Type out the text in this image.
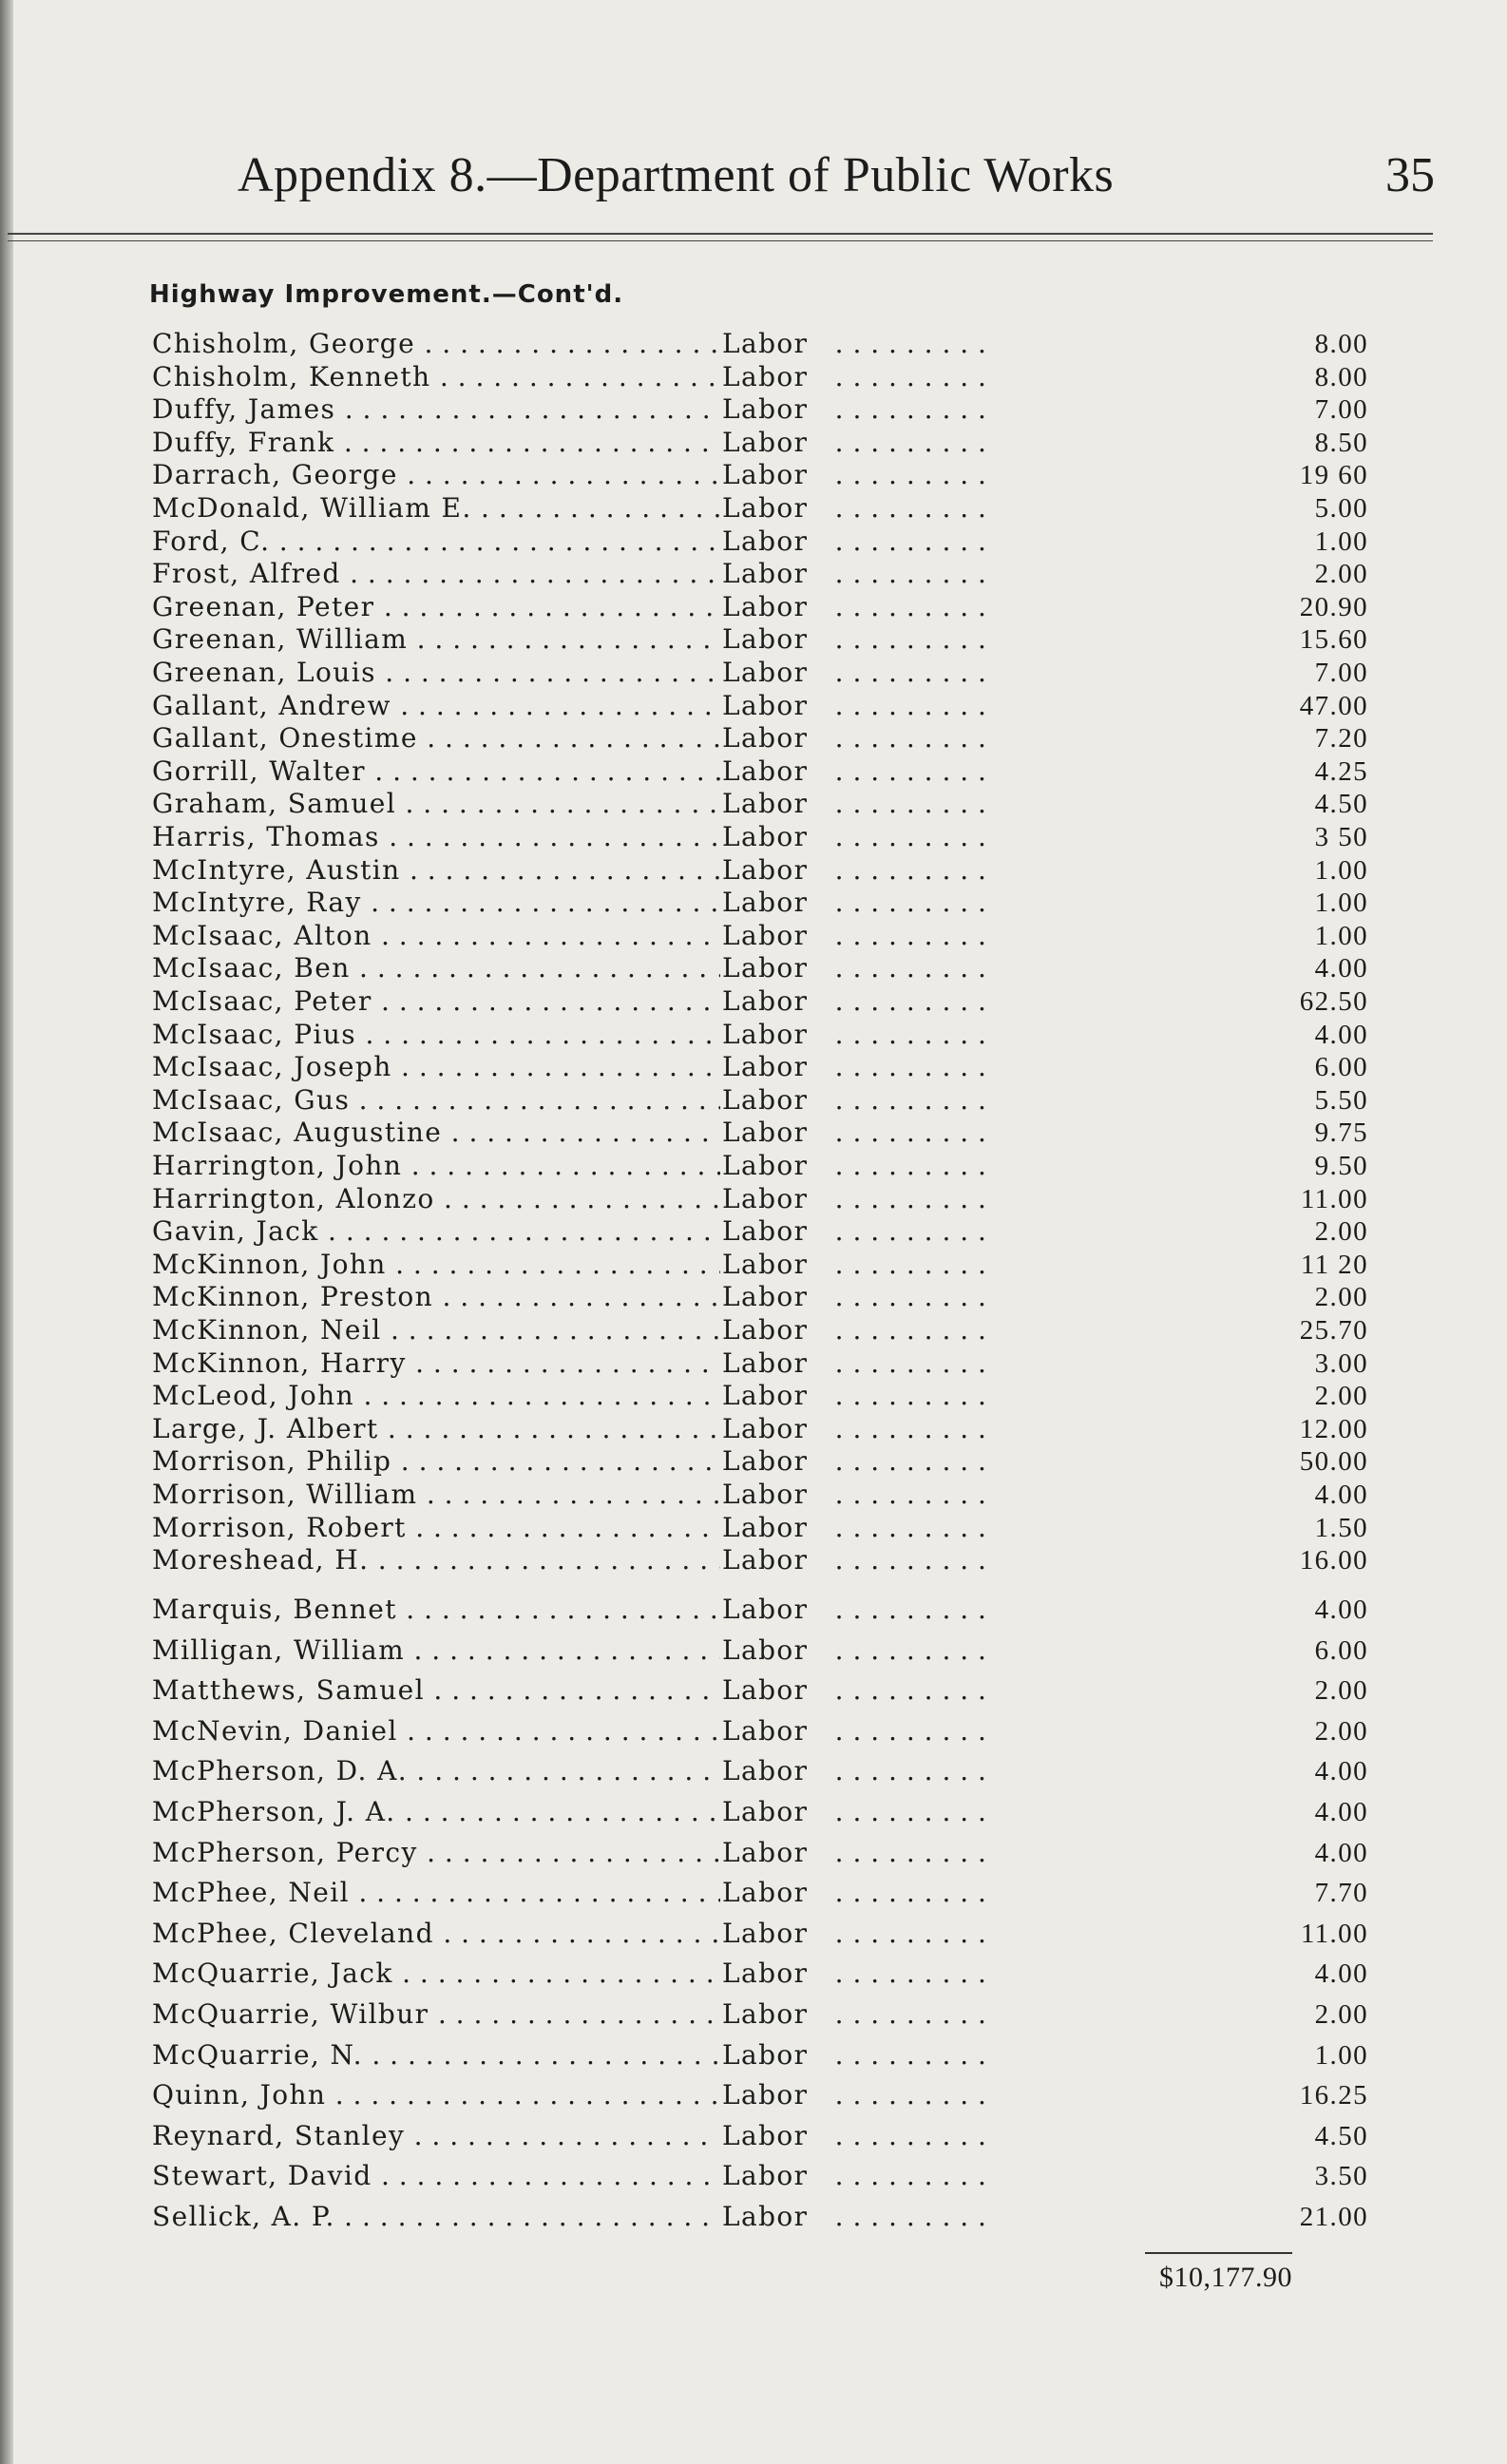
Appendix 8.—Department of Public Works	35
Highway Improvement.—Cont'd.
Chisholm, George . . .	Labor . . .	8.00
Chisholm, Kenneth . . .	Labor . . .	8.00
Duffy, James . . .	Labor . . .	7.00
Duffy, Frank . . .	Labor . . .	8.50
Darrach, George . . .	Labor . . .	19 60
McDonald, William E. . . .	Labor . . .	5.00
Ford, C. . . .	Labor . . .	1.00
Frost, Alfred . . .	Labor . . .	2.00
Greenan, Peter . . .	Labor . . .	20.90
Greenan, William . . .	Labor . . .	15.60
Greenan, Louis . . .	Labor . . .	7.00
Gallant, Andrew . . .	Labor . . .	47.00
Gallant, Onestime . . .	Labor . . .	7.20
Gorrill, Walter . . .	Labor . . .	4.25
Graham, Samuel . . .	Labor . . .	4.50
Harris, Thomas . . .	Labor . . .	3 50
McIntyre, Austin . . .	Labor . . .	1.00
McIntyre, Ray . . .	Labor . . .	1.00
McIsaac, Alton . . .	Labor . . .	1.00
McIsaac, Ben . . .	Labor . . .	4.00
McIsaac, Peter . . .	Labor . . .	62.50
McIsaac, Pius . . .	Labor . . .	4.00
McIsaac, Joseph . . .	Labor . . .	6.00
McIsaac, Gus . . .	Labor . . .	5.50
McIsaac, Augustine . . .	Labor . . .	9.75
Harrington, John . . .	Labor . . .	9.50
Harrington, Alonzo . . .	Labor . . .	11.00
Gavin, Jack . . .	Labor . . .	2.00
McKinnon, John . . .	Labor . . .	11 20
McKinnon, Preston . . .	Labor . . .	2.00
McKinnon, Neil . . .	Labor . . .	25.70
McKinnon, Harry . . .	Labor . . .	3.00
McLeod, John . . .	Labor . . .	2.00
Large, J. Albert . . .	Labor . . .	12.00
Morrison, Philip . . .	Labor . . .	50.00
Morrison, William . . .	Labor . . .	4.00
Morrison, Robert . . .	Labor . . .	1.50
Moreshead, H. . . .	Labor . . .	16.00
Marquis, Bennet . . .	Labor . . .	4.00
Milligan, William . . .	Labor . . .	6.00
Matthews, Samuel . . .	Labor . . .	2.00
McNevin, Daniel . . .	Labor . . .	2.00
McPherson, D. A. . . .	Labor . . .	4.00
McPherson, J. A. . . .	Labor . . .	4.00
McPherson, Percy . . .	Labor . . .	4.00
McPhee, Neil . . .	Labor . . .	7.70
McPhee, Cleveland . . .	Labor . . .	11.00
McQuarrie, Jack . . .	Labor . . .	4.00
McQuarrie, Wilbur . . .	Labor . . .	2.00
McQuarrie, N. . . .	Labor . . .	1.00
Quinn, John . . .	Labor . . .	16.25
Reynard, Stanley . . .	Labor . . .	4.50
Stewart, David . . .	Labor . . .	3.50
Sellick, A. P. . . .	Labor . . .	21.00
$10,177.90
